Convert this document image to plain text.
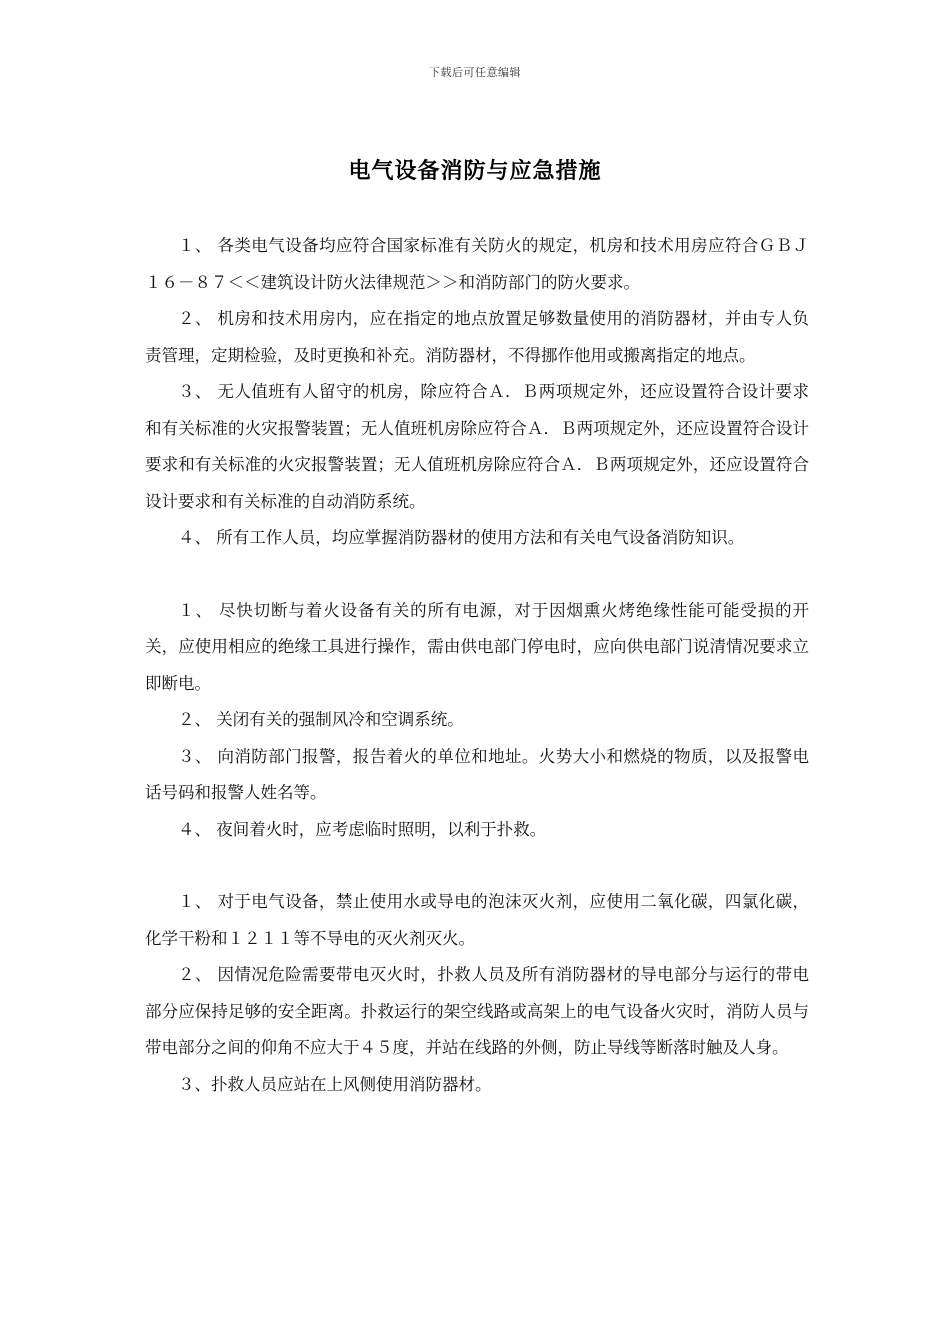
下载后可任意编辑
电气设备消防与应急措施

１、 各类电气设备均应符合国家标准有关防火的规定，机房和技术用房应符合ＧＢＪ１６－８７＜＜建筑设计防火法律规范＞＞和消防部门的防火要求。

２、 机房和技术用房内，应在指定的地点放置足够数量使用的消防器材，并由专人负责管理，定期检验，及时更换和补充。消防器材，不得挪作他用或搬离指定的地点。

３、 无人值班有人留守的机房，除应符合Ａ．Ｂ两项规定外，还应设置符合设计要求和有关标准的火灾报警装置；无人值班机房除应符合Ａ．Ｂ两项规定外，还应设置符合设计要求和有关标准的火灾报警装置；无人值班机房除应符合Ａ．Ｂ两项规定外，还应设置符合设计要求和有关标准的自动消防系统。

４、 所有工作人员，均应掌握消防器材的使用方法和有关电气设备消防知识。

１、 尽快切断与着火设备有关的所有电源，对于因烟熏火烤绝缘性能可能受损的开关，应使用相应的绝缘工具进行操作，需由供电部门停电时，应向供电部门说清情况要求立即断电。

２、 关闭有关的强制风冷和空调系统。

３、 向消防部门报警，报告着火的单位和地址。火势大小和燃烧的物质，以及报警电话号码和报警人姓名等。

４、 夜间着火时，应考虑临时照明，以利于扑救。

１、 对于电气设备，禁止使用水或导电的泡沫灭火剂，应使用二氧化碳，四氯化碳，化学干粉和１２１１等不导电的灭火剂灭火。

２、 因情况危险需要带电灭火时，扑救人员及所有消防器材的导电部分与运行的带电部分应保持足够的安全距离。扑救运行的架空线路或高架上的电气设备火灾时，消防人员与带电部分之间的仰角不应大于４５度，并站在线路的外侧，防止导线等断落时触及人身。

３、扑救人员应站在上风侧使用消防器材。
